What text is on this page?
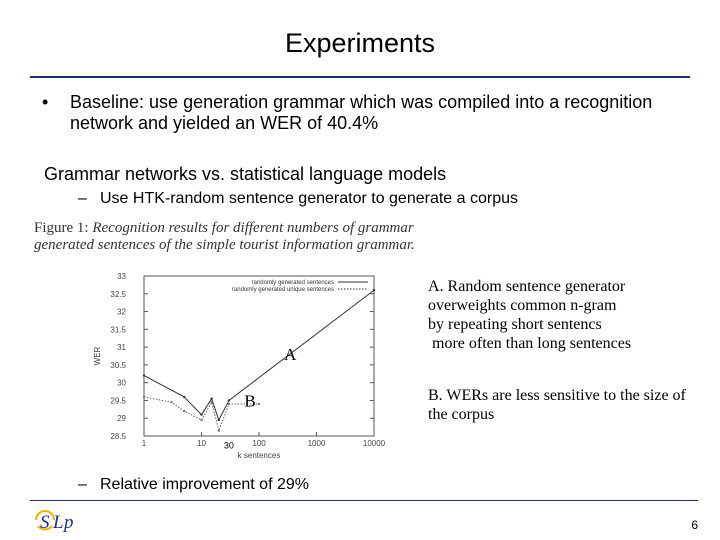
Experiments
• Baseline: use generation grammar which was compiled into a recognition network and yielded an WER of 40.4%
Grammar networks vs. statistical language models
– Use HTK-random sentence generator to generate a corpus
Figure 1: Recognition results for different numbers of grammar generated sentences of the simple tourist information grammar.
28.5
29
29.5
30
30.5
31
31.5
32
32.5
33
1	10	100	1000	10000
k sentences
WER
randomly generated sentences
randomly generated unique sentences
A
B
30
A. Random sentence generator
overweights common n-gram
by repeating short sentencs
more often than long sentences
B. WERs are less sensitive to the size of the corpus
– Relative improvement of 29%
S L p	6
